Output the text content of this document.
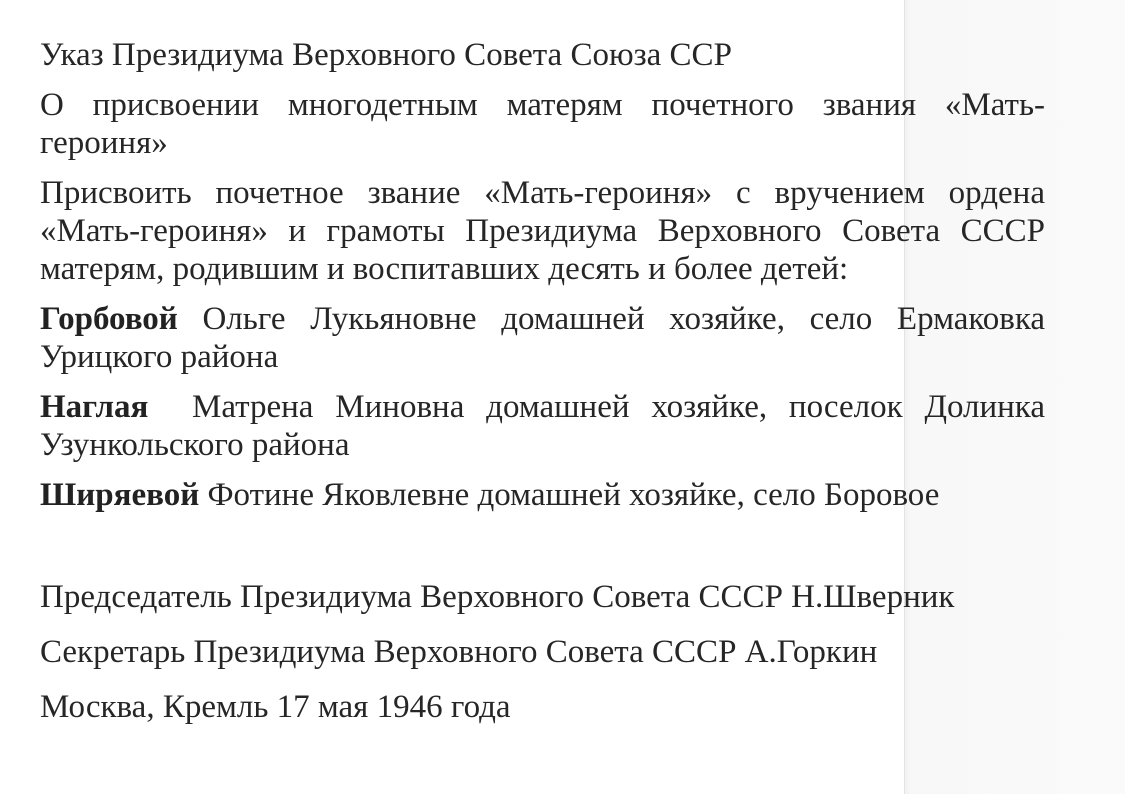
Указ Президиума Верховного Совета Союза ССР

О присвоении многодетным матерям почетного звания «Мать-героиня»

Присвоить почетное звание «Мать-героиня» с вручением ордена «Мать-героиня» и грамоты Президиума Верховного Совета СССР матерям, родившим и воспитавших десять и более детей:

Горбовой Ольге Лукьяновне домашней хозяйке, село Ермаковка Урицкого района

Наглая  Матрена Миновна домашней хозяйке, поселок Долинка Узункольского района

Ширяевой Фотине Яковлевне домашней хозяйке, село Боровое

Председатель Президиума Верховного Совета СССР Н.Шверник

Секретарь Президиума Верховного Совета СССР А.Горкин

Москва, Кремль 17 мая 1946 года
